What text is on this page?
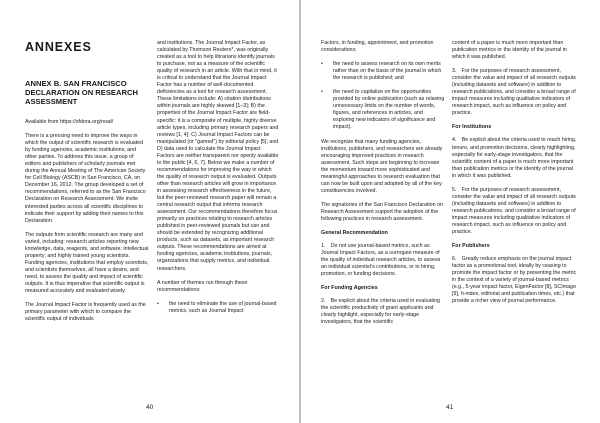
ANNEXES
ANNEX B. SAN FRANCISCO DECLARATION ON RESEARCH ASSESSMENT

Available from https://sfdora.org/read/

There is a pressing need to improve the ways in which the output of scientific research is evaluated by funding agencies, academic institutions, and other parties. To address this issue, a group of editors and publishers of scholarly journals met during the Annual Meeting of The American Society for Cell Biology (ASCB) in San Francisco, CA, on December 16, 2012. The group developed a set of recommendations, referred to as the San Francisco Declaration on Research Assessment. We invite interested parties across all scientific disciplines to indicate their support by adding their names to this Declaration.

The outputs from scientific research are many and varied, including: research articles reporting new knowledge, data, reagents, and software; intellectual property; and highly trained young scientists. Funding agencies, institutions that employ scientists, and scientists themselves, all have a desire, and need, to assess the quality and impact of scientific outputs. It is thus imperative that scientific output is measured accurately and evaluated wisely.

The Journal Impact Factor is frequently used as the primary parameter with which to compare the scientific output of individuals

and institutions. The Journal Impact Factor, as calculated by Thomson Reuters*, was originally created as a tool to help librarians identify journals to purchase, not as a measure of the scientific quality of research in an article. With that in mind, it is critical to understand that the Journal Impact Factor has a number of well-documented deficiencies as a tool for research assessment. These limitations include: A) citation distributions within journals are highly skewed [1–3]; B) the properties of the Journal Impact Factor are field-specific: it is a composite of multiple, highly diverse article types, including primary research papers and reviews [1, 4]; C) Journal Impact Factors can be manipulated (or "gamed") by editorial policy [5]; and D) data used to calculate the Journal Impact Factors are neither transparent nor openly available to the public [4, 6, 7]. Below we make a number of recommendations for improving the way in which the quality of research output is evaluated. Outputs other than research articles will grow in importance in assessing research effectiveness in the future, but the peer-reviewed research paper will remain a central research output that informs research assessment. Our recommendations therefore focus primarily on practices relating to research articles published in peer-reviewed journals but can and should be extended by recognizing additional products, such as datasets, as important research outputs. These recommendations are aimed at funding agencies, academic institutions, journals, organizations that supply metrics, and individual researchers.

A number of themes run through these recommendations:

•	the need to eliminate the use of journal-based metrics, such as Journal Impact
40

Factors, in funding, appointment, and promotion considerations;

•	the need to assess research on its own merits rather than on the basis of the journal in which the research is published; and
•	the need to capitalize on the opportunities provided by online publication (such as relaxing unnecessary limits on the number of words, figures, and references in articles, and exploring new indicators of significance and impact).

We recognize that many funding agencies, institutions, publishers, and researchers are already encouraging improved practices in research assessment. Such steps are beginning to increase the momentum toward more sophisticated and meaningful approaches to research evaluation that can now be built upon and adopted by all of the key constituencies involved.

The signatories of the San Francisco Declaration on Research Assessment support the adoption of the following practices in research assessment.

General Recommendation

1. Do not use journal-based metrics, such as Journal Impact Factors, as a surrogate measure of the quality of individual research articles, to assess an individual scientist's contributions, or in hiring, promotion, or funding decisions.

For Funding Agencies

2. Be explicit about the criteria used in evaluating the scientific productivity of grant applicants and clearly highlight, especially for early-stage investigators, that the scientific

content of a paper is much more important than publication metrics or the identity of the journal in which it was published.

3. For the purposes of research assessment, consider the value and impact of all research outputs (including datasets and software) in addition to research publications, and consider a broad range of impact measures including qualitative indicators of research impact, such as influence on policy and practice.

For Institutions

4. Be explicit about the criteria used to reach hiring, tenure, and promotion decisions, clearly highlighting, especially for early-stage investigators, that the scientific content of a paper is much more important than publication metrics or the identity of the journal in which it was published.

5. For the purposes of research assessment, consider the value and impact of all research outputs (including datasets and software) in addition to research publications, and consider a broad range of impact measures including qualitative indicators of research impact, such as influence on policy and practice.

For Publishers

6. Greatly reduce emphasis on the journal impact factor as a promotional tool, ideally by ceasing to promote the impact factor or by presenting the metric in the context of a variety of journal-based metrics (e.g., 5-year impact factor, EigenFactor [8], SCImago [9], h-index, editorial and publication times, etc.) that provide a richer view of journal performance.

41
